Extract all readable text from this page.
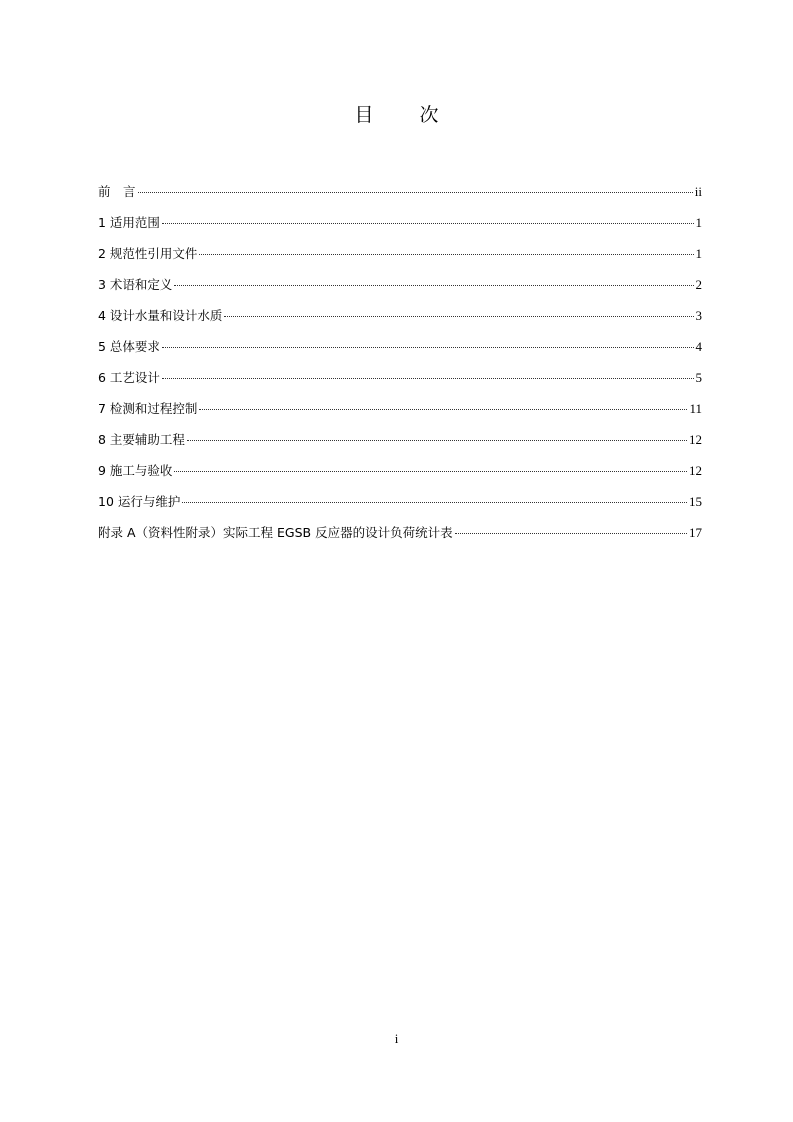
目 次
前　言	ii
1 适用范围	1
2 规范性引用文件	1
3 术语和定义	2
4 设计水量和设计水质	3
5 总体要求	4
6 工艺设计	5
7 检测和过程控制	11
8 主要辅助工程	12
9 施工与验收	12
10 运行与维护	15
附录 A（资料性附录）实际工程 EGSB 反应器的设计负荷统计表	17
i
